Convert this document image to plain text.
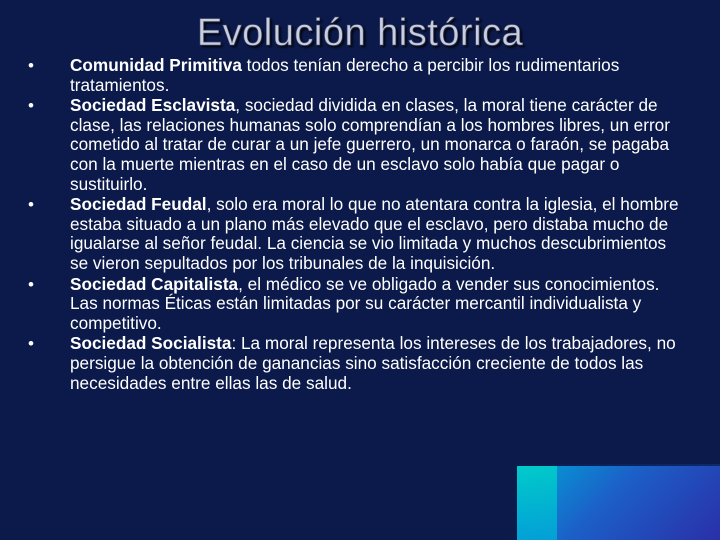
Evolución histórica
• Comunidad Primitiva todos tenían derecho a percibir los rudimentarios tratamientos.
• Sociedad Esclavista, sociedad dividida en clases, la moral tiene carácter de clase, las relaciones humanas solo comprendían a los hombres libres, un error cometido al tratar de curar a un jefe guerrero, un monarca o faraón, se pagaba con la muerte mientras en el caso de un esclavo solo había que pagar o sustituirlo.
• Sociedad Feudal, solo era moral lo que no atentara contra la iglesia, el hombre estaba situado a un plano más elevado que el esclavo, pero distaba mucho de igualarse al señor feudal. La ciencia se vio limitada y muchos descubrimientos se vieron sepultados por los tribunales de la inquisición.
• Sociedad Capitalista, el médico se ve obligado a vender sus conocimientos. Las normas Éticas están limitadas por su carácter mercantil individualista y competitivo.
• Sociedad Socialista: La moral representa los intereses de los trabajadores, no persigue la obtención de ganancias sino satisfacción creciente de todos las necesidades entre ellas las de salud.
